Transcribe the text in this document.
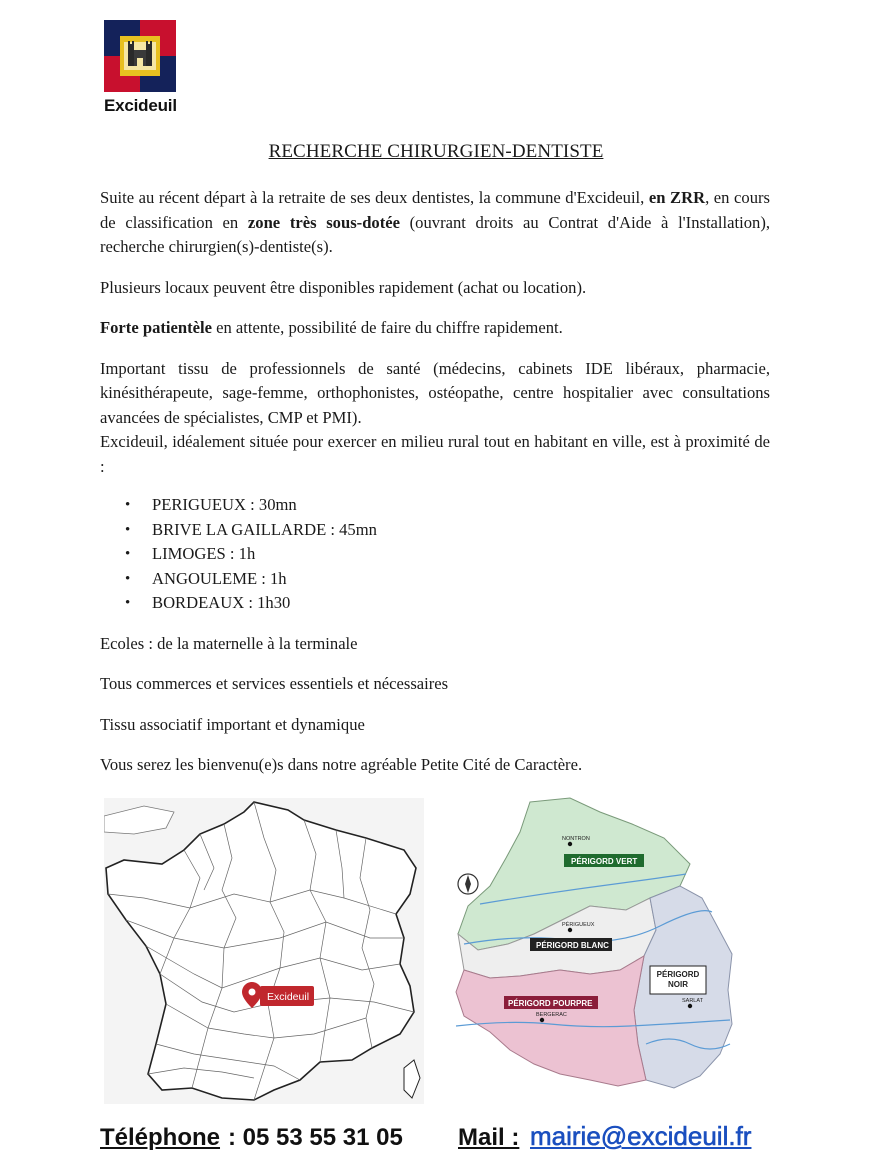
Excideuil
RECHERCHE CHIRURGIEN-DENTISTE

Suite au récent départ à la retraite de ses deux dentistes, la commune d'Excideuil, en ZRR, en cours de classification en zone très sous-dotée (ouvrant droits au Contrat d'Aide à l'Installation), recherche chirurgien(s)-dentiste(s).

Plusieurs locaux peuvent être disponibles rapidement (achat ou location).

Forte patientèle en attente, possibilité de faire du chiffre rapidement.

Important tissu de professionnels de santé (médecins, cabinets IDE libéraux, pharmacie, kinésithérapeute, sage-femme, orthophonistes, ostéopathe, centre hospitalier avec consultations avancées de spécialistes, CMP et PMI).

Excideuil, idéalement située pour exercer en milieu rural tout en habitant en ville, est à proximité de :

• PERIGUEUX : 30mn
• BRIVE LA GAILLARDE : 45mn
• LIMOGES : 1h
• ANGOULEME : 1h
• BORDEAUX : 1h30

Ecoles : de la maternelle à la terminale

Tous commerces et services essentiels et nécessaires

Tissu associatif important et dynamique

Vous serez les bienvenu(e)s dans notre agréable Petite Cité de Caractère.

Excideuil
NONTRON
PÉRIGUEUX
BERGERAC
SARLAT
PÉRIGORD VERT
PÉRIGORD BLANC
PÉRIGORD POURPRE
PÉRIGORD NOIR
Téléphone : 05 53 55 31 05 Mail : mairie@excideuil.fr
